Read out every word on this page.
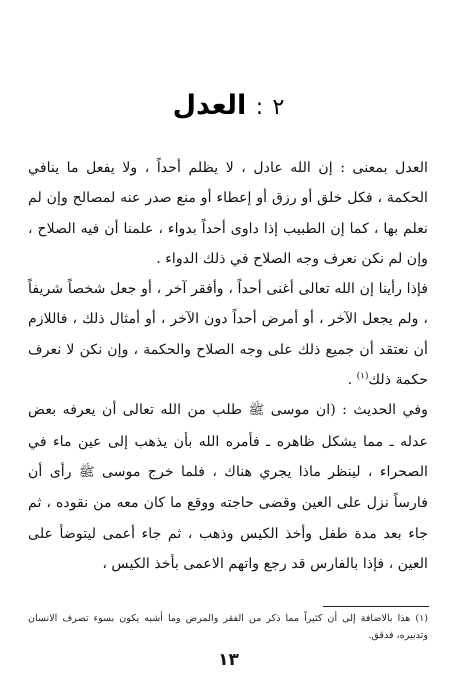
٢ : العدل

العدل بمعنى : إن الله عادل ، لا يظلم أحداً ، ولا يفعل ما ينافي الحكمة ، فكل خلق أو رزق أو إعطاء أو منع صدر عنه لمصالح وإن لم نعلم بها ، كما إن الطبيب إذا داوى أحداً بدواء ، علمنا أن فيه الصلاح ، وإن لم نكن نعرف وجه الصلاح في ذلك الدواء .

فإذا رأينا إن الله تعالى أغنى أحداً ، وأفقر آخر ، أو جعل شخصاً شريفاً ، ولم يجعل الآخر ، أو أمرض أحداً دون الآخر ، أو أمثال ذلك ، فاللازم أن نعتقد أن جميع ذلك على وجه الصلاح والحكمة ، وإن نكن لا نعرف حكمة ذلك$^{(١)}$ .

وفي الحديث : (ان موسى ﷺ طلب من الله تعالى أن يعرفه بعض عدله ـ مما يشكل ظاهره ـ فأمره الله بأن يذهب إلى عين ماء في الصحراء ، لينظر ماذا يجري هناك ، فلما خرج موسى ﷺ رأى أن فارساً نزل على العين وقضى حاجته ووقع ما كان معه من نقوده ، ثم جاء بعد مدة طفل وأخذ الكيس وذهب ، ثم جاء أعمى ليتوضأ على العين ، فإذا بالفارس قد رجع واتهم الاعمى بأخذ الكيس ،

(١) هذا بالاضافة إلى أن كثيراً مما ذكر من الفقر والمرض وما أشبه يكون بسوء تصرف الانسان وتدبيره، فدقق.
١٣
